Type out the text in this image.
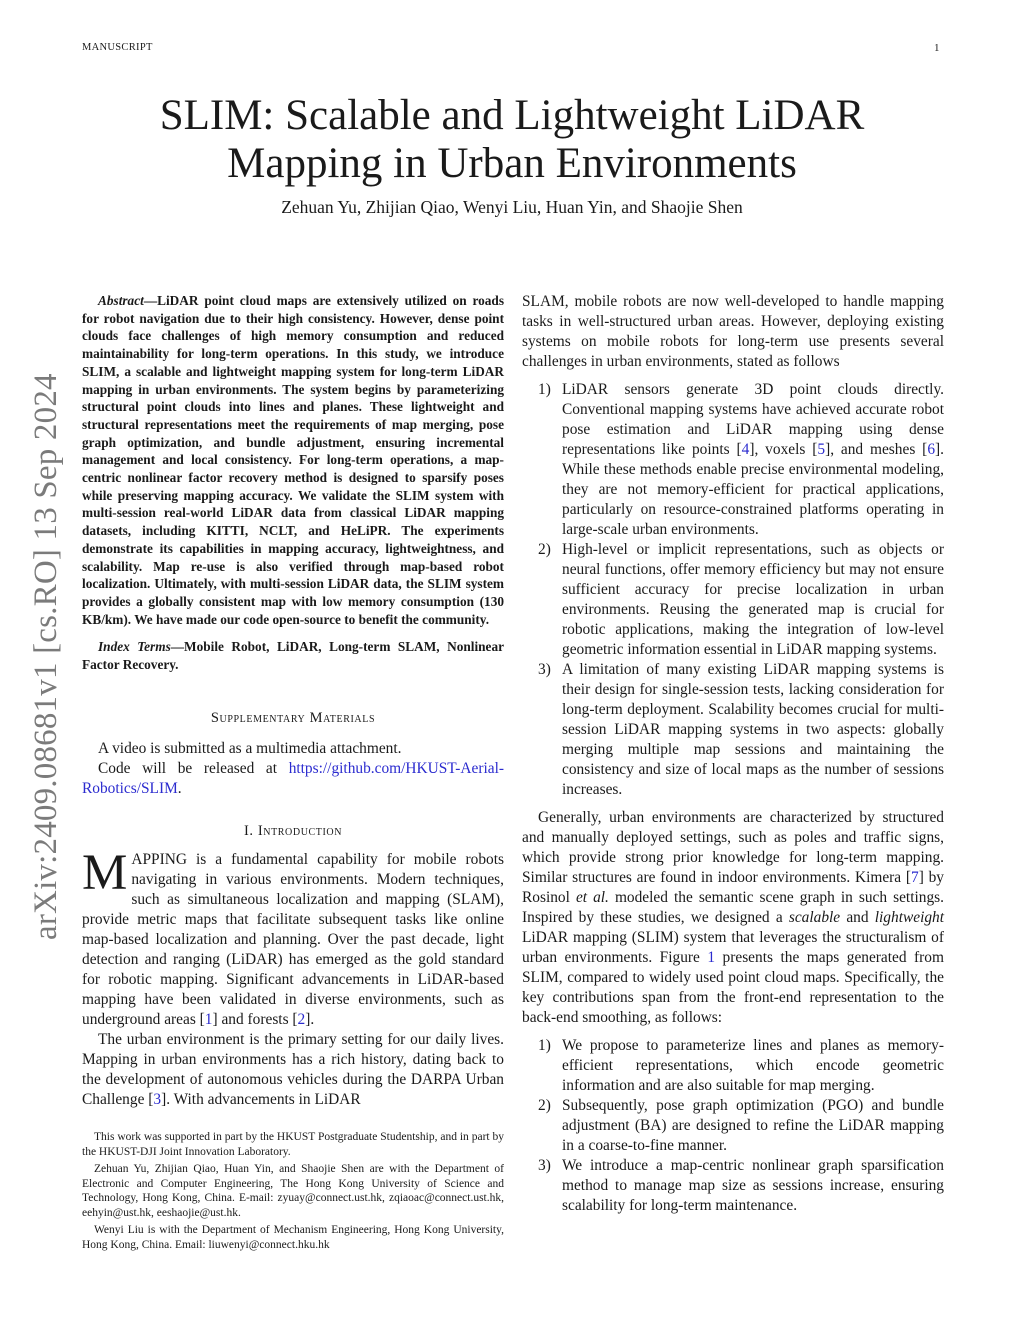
MANUSCRIPT	1
arXiv:2409.08681v1 [cs.RO] 13 Sep 2024
SLIM: Scalable and Lightweight LiDAR Mapping in Urban Environments
Zehuan Yu, Zhijian Qiao, Wenyi Liu, Huan Yin, and Shaojie Shen

Abstract—LiDAR point cloud maps are extensively utilized on roads for robot navigation due to their high consistency. However, dense point clouds face challenges of high memory consumption and reduced maintainability for long-term operations. In this study, we introduce SLIM, a scalable and lightweight mapping system for long-term LiDAR mapping in urban environments. The system begins by parameterizing structural point clouds into lines and planes. These lightweight and structural representations meet the requirements of map merging, pose graph optimization, and bundle adjustment, ensuring incremental management and local consistency. For long-term operations, a map-centric nonlinear factor recovery method is designed to sparsify poses while preserving mapping accuracy. We validate the SLIM system with multi-session real-world LiDAR data from classical LiDAR mapping datasets, including KITTI, NCLT, and HeLiPR. The experiments demonstrate its capabilities in mapping accuracy, lightweightness, and scalability. Map re-use is also verified through map-based robot localization. Ultimately, with multi-session LiDAR data, the SLIM system provides a globally consistent map with low memory consumption (130 KB/km). We have made our code open-source to benefit the community.

Index Terms—Mobile Robot, LiDAR, Long-term SLAM, Nonlinear Factor Recovery.

Supplementary Materials

A video is submitted as a multimedia attachment.

Code will be released at https://github.com/HKUST-Aerial-Robotics/SLIM.

I. Introduction

MAPPING is a fundamental capability for mobile robots navigating in various environments. Modern techniques, such as simultaneous localization and mapping (SLAM), provide metric maps that facilitate subsequent tasks like online map-based localization and planning. Over the past decade, light detection and ranging (LiDAR) has emerged as the gold standard for robotic mapping. Significant advancements in LiDAR-based mapping have been validated in diverse environments, such as underground areas [1] and forests [2].

The urban environment is the primary setting for our daily lives. Mapping in urban environments has a rich history, dating back to the development of autonomous vehicles during the DARPA Urban Challenge [3]. With advancements in LiDAR

This work was supported in part by the HKUST Postgraduate Studentship, and in part by the HKUST-DJI Joint Innovation Laboratory.

Zehuan Yu, Zhijian Qiao, Huan Yin, and Shaojie Shen are with the Department of Electronic and Computer Engineering, The Hong Kong University of Science and Technology, Hong Kong, China. E-mail: zyuay@connect.ust.hk, zqiaoac@connect.ust.hk, eehyin@ust.hk, eeshaojie@ust.hk.

Wenyi Liu is with the Department of Mechanism Engineering, Hong Kong University, Hong Kong, China. Email: liuwenyi@connect.hku.hk

SLAM, mobile robots are now well-developed to handle mapping tasks in well-structured urban areas. However, deploying existing systems on mobile robots for long-term use presents several challenges in urban environments, stated as follows

1) LiDAR sensors generate 3D point clouds directly. Conventional mapping systems have achieved accurate robot pose estimation and LiDAR mapping using dense representations like points [4], voxels [5], and meshes [6]. While these methods enable precise environmental modeling, they are not memory-efficient for practical applications, particularly on resource-constrained platforms operating in large-scale urban environments.
2) High-level or implicit representations, such as objects or neural functions, offer memory efficiency but may not ensure sufficient accuracy for precise localization in urban environments. Reusing the generated map is crucial for robotic applications, making the integration of low-level geometric information essential in LiDAR mapping systems.
3) A limitation of many existing LiDAR mapping systems is their design for single-session tests, lacking consideration for long-term deployment. Scalability becomes crucial for multi-session LiDAR mapping systems in two aspects: globally merging multiple map sessions and maintaining the consistency and size of local maps as the number of sessions increases.

Generally, urban environments are characterized by structured and manually deployed settings, such as poles and traffic signs, which provide strong prior knowledge for long-term mapping. Similar structures are found in indoor environments. Kimera [7] by Rosinol et al. modeled the semantic scene graph in such settings. Inspired by these studies, we designed a scalable and lightweight LiDAR mapping (SLIM) system that leverages the structuralism of urban environments. Figure 1 presents the maps generated from SLIM, compared to widely used point cloud maps. Specifically, the key contributions span from the front-end representation to the back-end smoothing, as follows:

1) We propose to parameterize lines and planes as memory-efficient representations, which encode geometric information and are also suitable for map merging.
2) Subsequently, pose graph optimization (PGO) and bundle adjustment (BA) are designed to refine the LiDAR mapping in a coarse-to-fine manner.
3) We introduce a map-centric nonlinear graph sparsification method to manage map size as sessions increase, ensuring scalability for long-term maintenance.
